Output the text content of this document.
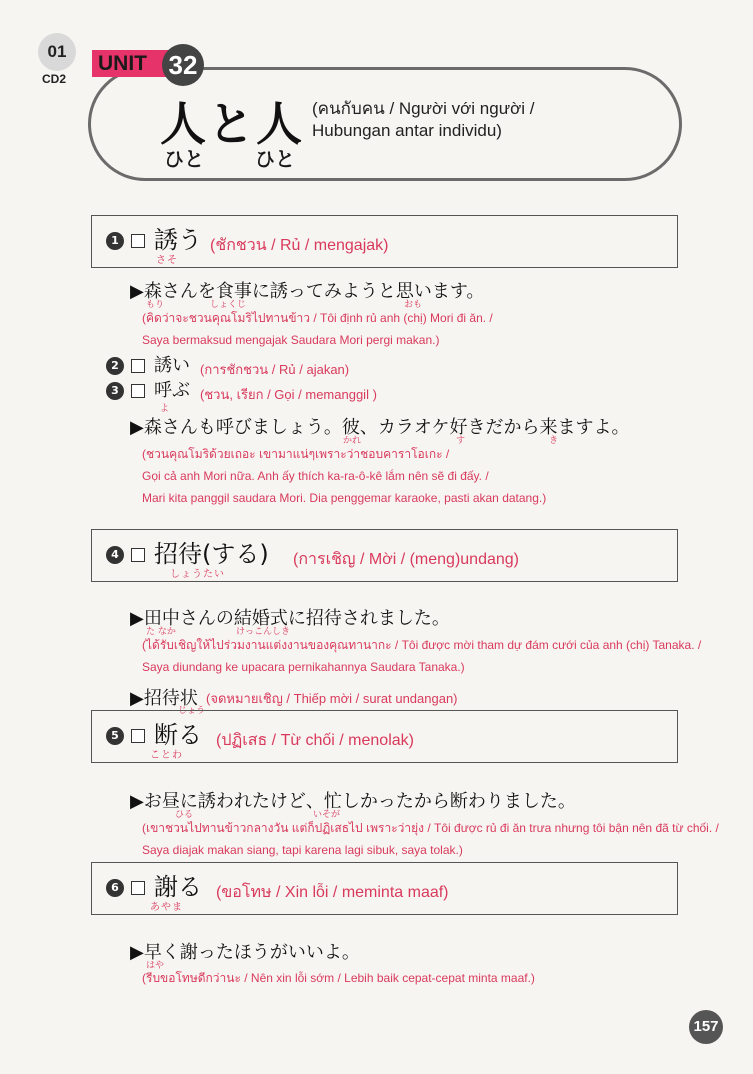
01
CD2
UNIT 32
人と人
ひと	ひと
(คนกับคน / Người với người /
Hubungan antar individu)
1 誘う
さそ
(ชักชวน / Rủ / mengajak)
▶森さんを食事に誘ってみようと思います。
もり	しょくじ	おも
(คิดว่าจะชวนคุณโมริไปทานข้าว / Tôi định rủ anh (chị) Mori đi ăn. /
Saya bermaksud mengajak Saudara Mori pergi makan.)
2 誘い (การชักชวน / Rủ / ajakan)
3 呼ぶ
よ
(ชวน, เรียก / Gọi / memanggil )
▶森さんも呼びましょう。彼、カラオケ好きだから来ますよ。
かれ	す	き
(ชวนคุณโมริด้วยเถอะ เขามาแน่ๆเพราะว่าชอบคาราโอเกะ /
Gọi cả anh Mori nữa. Anh ấy thích ka-ra-ô-kê lắm nên sẽ đi đấy. /
Mari kita panggil saudara Mori. Dia penggemar karaoke, pasti akan datang.)
4 招待(する)
しょうたい
(การเชิญ / Mời / (meng)undang)
▶田中さんの結婚式に招待されました。
た なか	けっこんしき
(ได้รับเชิญให้ไปร่วมงานแต่งงานของคุณทานากะ / Tôi được mời tham dự đám cưới của anh (chị) Tanaka. /
Saya diundang ke upacara pernikahannya Saudara Tanaka.)
▶招待状
じょう
(จดหมายเชิญ / Thiếp mời / surat undangan)
5 断る
ことわ
(ปฏิเสธ / Từ chối / menolak)
▶お昼に誘われたけど、忙しかったから断わりました。
ひる	いそが
(เขาชวนไปทานข้าวกลางวัน แต่ก็ปฏิเสธไป เพราะว่ายุ่ง / Tôi được rủ đi ăn trưa nhưng tôi bận nên đã từ chối. /
Saya diajak makan siang, tapi karena lagi sibuk, saya tolak.)
6 謝る
あやま
(ขอโทษ / Xin lỗi / meminta maaf)
▶早く謝ったほうがいいよ。
はや
(รีบขอโทษดีกว่านะ / Nên xin lỗi sớm / Lebih baik cepat-cepat minta maaf.)
157
